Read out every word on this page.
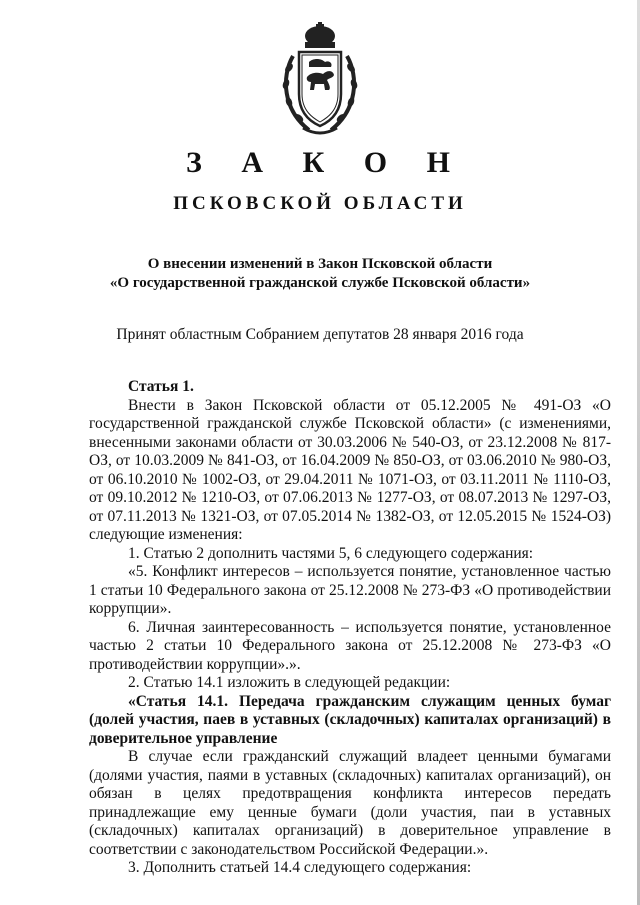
З А К О Н
ПСКОВСКОЙ ОБЛАСТИ
О внесении изменений в Закон Псковской области
«О государственной гражданской службе Псковской области»
Принят областным Собранием депутатов 28 января 2016 года

Статья 1.

Внести в Закон Псковской области от 05.12.2005 № 491-ОЗ «О государственной гражданской службе Псковской области» (с изменениями, внесенными законами области от 30.03.2006 № 540-ОЗ, от 23.12.2008 № 817-ОЗ, от 10.03.2009 № 841-ОЗ, от 16.04.2009 № 850-ОЗ, от 03.06.2010 № 980-ОЗ, от 06.10.2010 № 1002-ОЗ, от 29.04.2011 № 1071-ОЗ, от 03.11.2011 № 1110-ОЗ, от 09.10.2012 № 1210-ОЗ, от 07.06.2013 № 1277-ОЗ, от 08.07.2013 № 1297-ОЗ, от 07.11.2013 № 1321-ОЗ, от 07.05.2014 № 1382-ОЗ, от 12.05.2015 № 1524-ОЗ) следующие изменения:

1. Статью 2 дополнить частями 5, 6 следующего содержания:

«5. Конфликт интересов – используется понятие, установленное частью 1 статьи 10 Федерального закона от 25.12.2008 № 273-ФЗ «О противодействии коррупции».

6. Личная заинтересованность – используется понятие, установленное частью 2 статьи 10 Федерального закона от 25.12.2008 № 273-ФЗ «О противодействии коррупции».».

2. Статью 14.1 изложить в следующей редакции:

«Статья 14.1. Передача гражданским служащим ценных бумаг (долей участия, паев в уставных (складочных) капиталах организаций) в доверительное управление

В случае если гражданский служащий владеет ценными бумагами (долями участия, паями в уставных (складочных) капиталах организаций), он обязан в целях предотвращения конфликта интересов передать принадлежащие ему ценные бумаги (доли участия, паи в уставных (складочных) капиталах организаций) в доверительное управление в соответствии с законодательством Российской Федерации.».

3. Дополнить статьей 14.4 следующего содержания:
